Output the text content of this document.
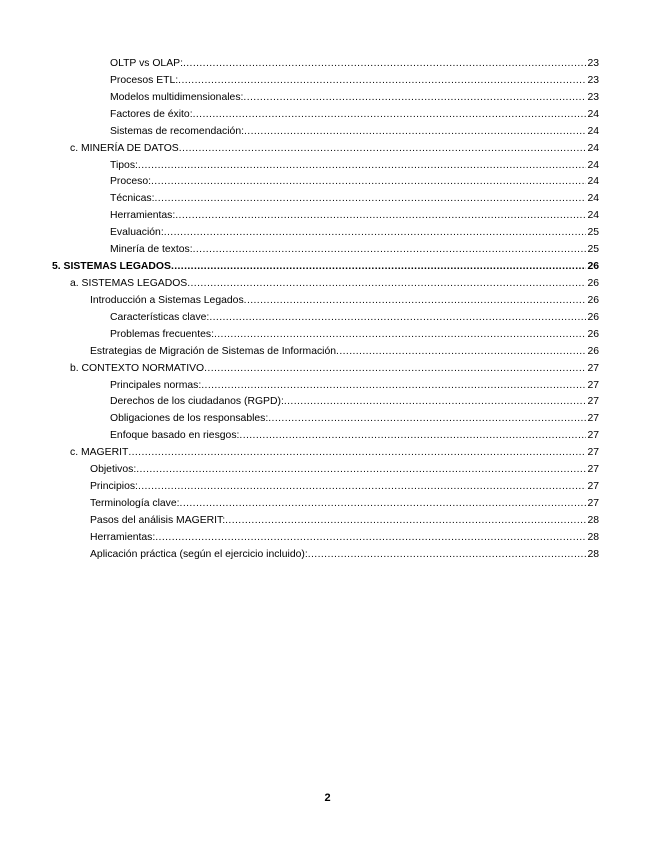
OLTP vs OLAP: .....	23
Procesos ETL: .....	23
Modelos multidimensionales: .....	23
Factores de éxito: .....	24
Sistemas de recomendación: .....	24
c. MINERÍA DE DATOS .....	24
Tipos: .....	24
Proceso: .....	24
Técnicas: .....	24
Herramientas: .....	24
Evaluación: .....	25
Minería de textos: .....	25
5. SISTEMAS LEGADOS .....	26
a. SISTEMAS LEGADOS .....	26
Introducción a Sistemas Legados .....	26
Características clave: .....	26
Problemas frecuentes: .....	26
Estrategias de Migración de Sistemas de Información .....	26
b. CONTEXTO NORMATIVO .....	27
Principales normas: .....	27
Derechos de los ciudadanos (RGPD): .....	27
Obligaciones de los responsables: .....	27
Enfoque basado en riesgos: .....	27
c. MAGERIT .....	27
Objetivos: .....	27
Principios: .....	27
Terminología clave: .....	27
Pasos del análisis MAGERIT: .....	28
Herramientas: .....	28
Aplicación práctica (según el ejercicio incluido): .....	28
2
